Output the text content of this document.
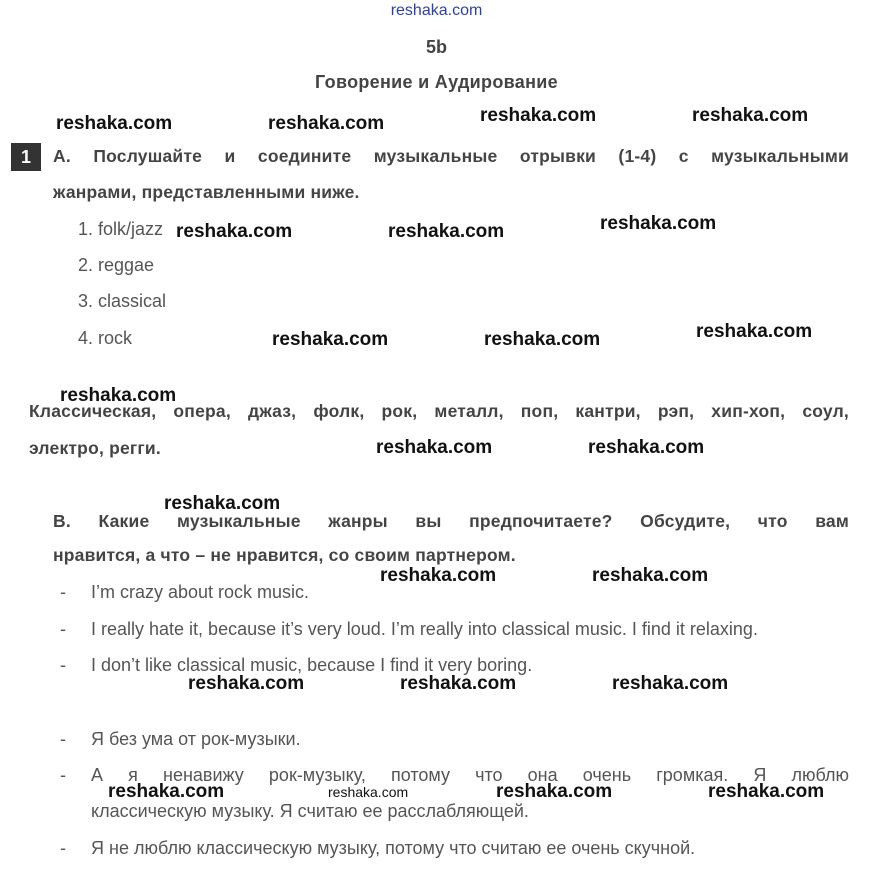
reshaka.com
5b
Говорение и Аудирование
1	A. Послушайте и соедините музыкальные отрывки (1-4) с музыкальными
жанрами, представленными ниже.
1. folk/jazz
2. reggae
3. classical
4. rock
Классическая, опера, джаз, фолк, рок, металл, поп, кантри, рэп, хип-хоп, соул,
электро, регги.
B. Какие музыкальные жанры вы предпочитаете? Обсудите, что вам
нравится, а что – не нравится, со своим партнером.
- I’m crazy about rock music.
- I really hate it, because it’s very loud. I’m really into classical music. I find it relaxing.
- I don’t like classical music, because I find it very boring.
- Я без ума от рок-музыки.
- А я ненавижу рок-музыку, потому что она очень громкая. Я люблю
классическую музыку. Я считаю ее расслабляющей.
- Я не люблю классическую музыку, потому что считаю ее очень скучной.
reshaka.com	reshaka.com	reshaka.com	reshaka.com
reshaka.com	reshaka.com	reshaka.com
reshaka.com	reshaka.com	reshaka.com
reshaka.com
reshaka.com	reshaka.com
reshaka.com
reshaka.com	reshaka.com
reshaka.com	reshaka.com	reshaka.com
reshaka.com	reshaka.com	reshaka.com	reshaka.com
